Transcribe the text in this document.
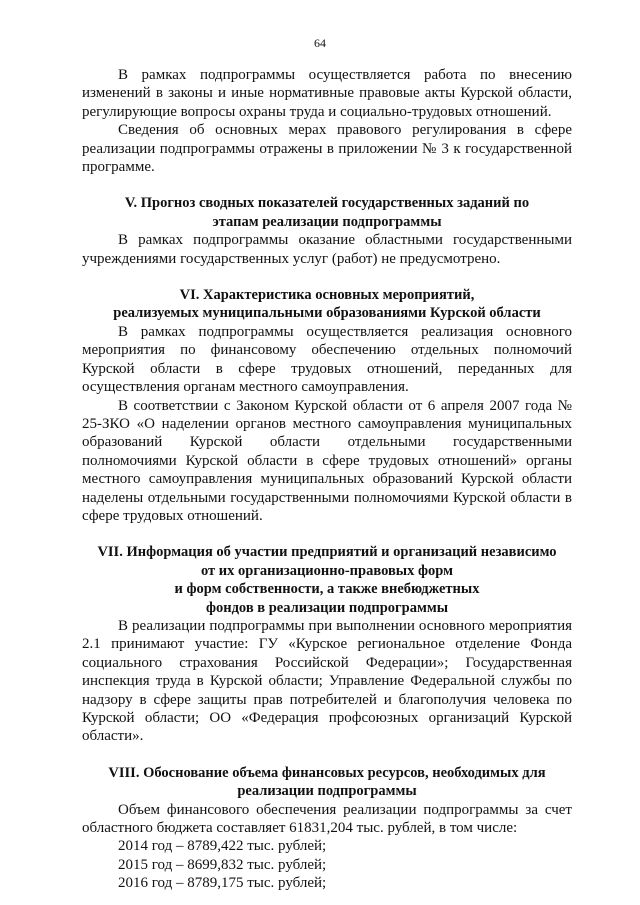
64

В рамках подпрограммы осуществляется работа по внесению изменений в законы и иные нормативные правовые акты Курской области, регулирующие вопросы охраны труда и социально-трудовых отношений.

Сведения об основных мерах правового регулирования в сфере реализации подпрограммы отражены в приложении № 3 к государственной программе.

V. Прогноз сводных показателей государственных заданий по
этапам реализации подпрограммы

В рамках подпрограммы оказание областными государственными учреждениями государственных услуг (работ) не предусмотрено.

VI. Характеристика основных мероприятий,
реализуемых муниципальными образованиями Курской области

В рамках подпрограммы осуществляется реализация основного мероприятия по финансовому обеспечению отдельных полномочий Курской области в сфере трудовых отношений, переданных для осуществления органам местного самоуправления.

В соответствии с Законом Курской области от 6 апреля 2007 года № 25-ЗКО «О наделении органов местного самоуправления муниципальных образований Курской области отдельными государственными полномочиями Курской области в сфере трудовых отношений» органы местного самоуправления муниципальных образований Курской области наделены отдельными государственными полномочиями Курской области в сфере трудовых отношений.

VII. Информация об участии предприятий и организаций независимо
от их организационно-правовых форм
и форм собственности, а также внебюджетных
фондов в реализации подпрограммы

В реализации подпрограммы при выполнении основного мероприятия 2.1 принимают участие: ГУ «Курское региональное отделение Фонда социального страхования Российской Федерации»; Государственная инспекция труда в Курской области; Управление Федеральной службы по надзору в сфере защиты прав потребителей и благополучия человека по Курской области; ОО «Федерация профсоюзных организаций Курской области».

VIII. Обоснование объема финансовых ресурсов, необходимых для
реализации подпрограммы

Объем финансового обеспечения реализации подпрограммы за счет областного бюджета составляет 61831,204 тыс. рублей, в том числе:

2014 год – 8789,422 тыс. рублей;

2015 год – 8699,832 тыс. рублей;

2016 год – 8789,175 тыс. рублей;
